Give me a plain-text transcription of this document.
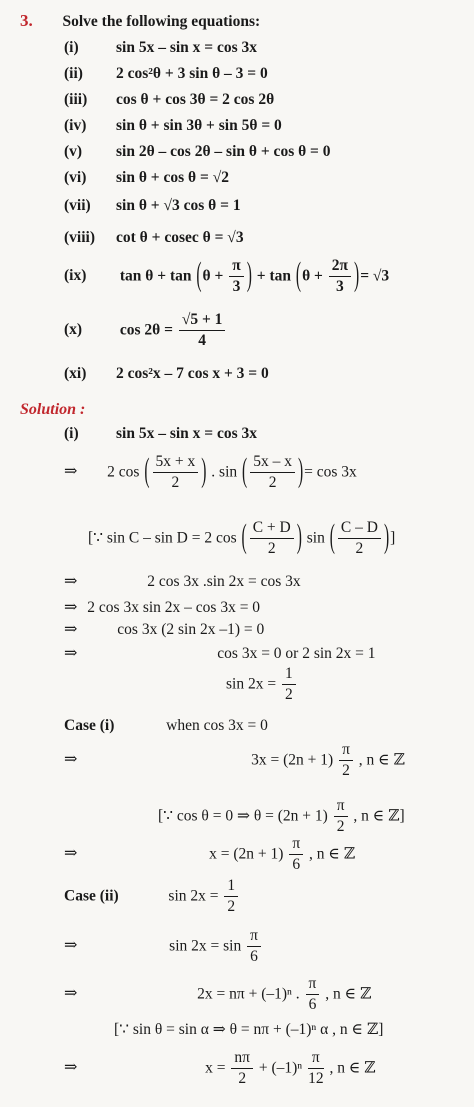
3. Solve the following equations:
(i) sin 5x – sin x = cos 3x
(ii) 2 cos²θ + 3 sin θ – 3 = 0
(iii) cos θ + cos 3θ = 2 cos 2θ
(iv) sin θ + sin 3θ + sin 5θ = 0
(v) sin 2θ – cos 2θ – sin θ + cos θ = 0
(vi) sin θ + cos θ = √2
(vii) sin θ + √3 cos θ = 1
(viii) cot θ + cosec θ = √3
(ix) $\tan \theta + \tan (\theta + \frac{\pi}{3}$ ) + $\tan (\theta + \frac{2\pi}{3}$ )= √3
(x) $\cos 2\theta = \frac{√5 + 1}{4}$
(xi) 2 cos²x – 7 cos x + 3 = 0
Solution :
(i) sin 5x – sin x = cos 3x
⇒ 2 cos ( $\frac{5x + x}{2}$ ) . sin ( $\frac{5x - x}{2}$ )= cos 3x
[∵ sin C – sin D = 2 cos ( $\frac{C + D}{2}$ ) sin ( $\frac{C - D}{2}$ )]
⇒	2 cos 3x .sin 2x = cos 3x
⇒ 2 cos 3x sin 2x – cos 3x = 0
⇒	cos 3x (2 sin 2x –1) = 0
⇒	cos 3x = 0 or 2 sin 2x = 1
$\sin 2x = \frac{1}{2}$
Case (i)	when cos 3x = 0
⇒	$3x = (2n + 1) \frac{\pi}{2}$ , n ∈ ℤ
[∵ cos θ = 0 ⇒ $\theta = (2n + 1) \frac{\pi}{2}$ , n ∈ ℤ]
⇒	$x = (2n + 1) \frac{\pi}{6}$ , n ∈ ℤ
Case (ii)	$\sin 2x = \frac{1}{2}$
⇒	$\sin 2x = \sin \frac{\pi}{6}$
⇒	2x = nπ + (–1)ⁿ . $\frac{\pi}{6}$ , n ∈ ℤ
[∵ sin θ = sin α ⇒ θ = nπ + (–1)ⁿ α , n ∈ ℤ]
⇒	$x = \frac{n\pi}{2} + (-1)^n \frac{\pi}{12}$ , n ∈ ℤ
